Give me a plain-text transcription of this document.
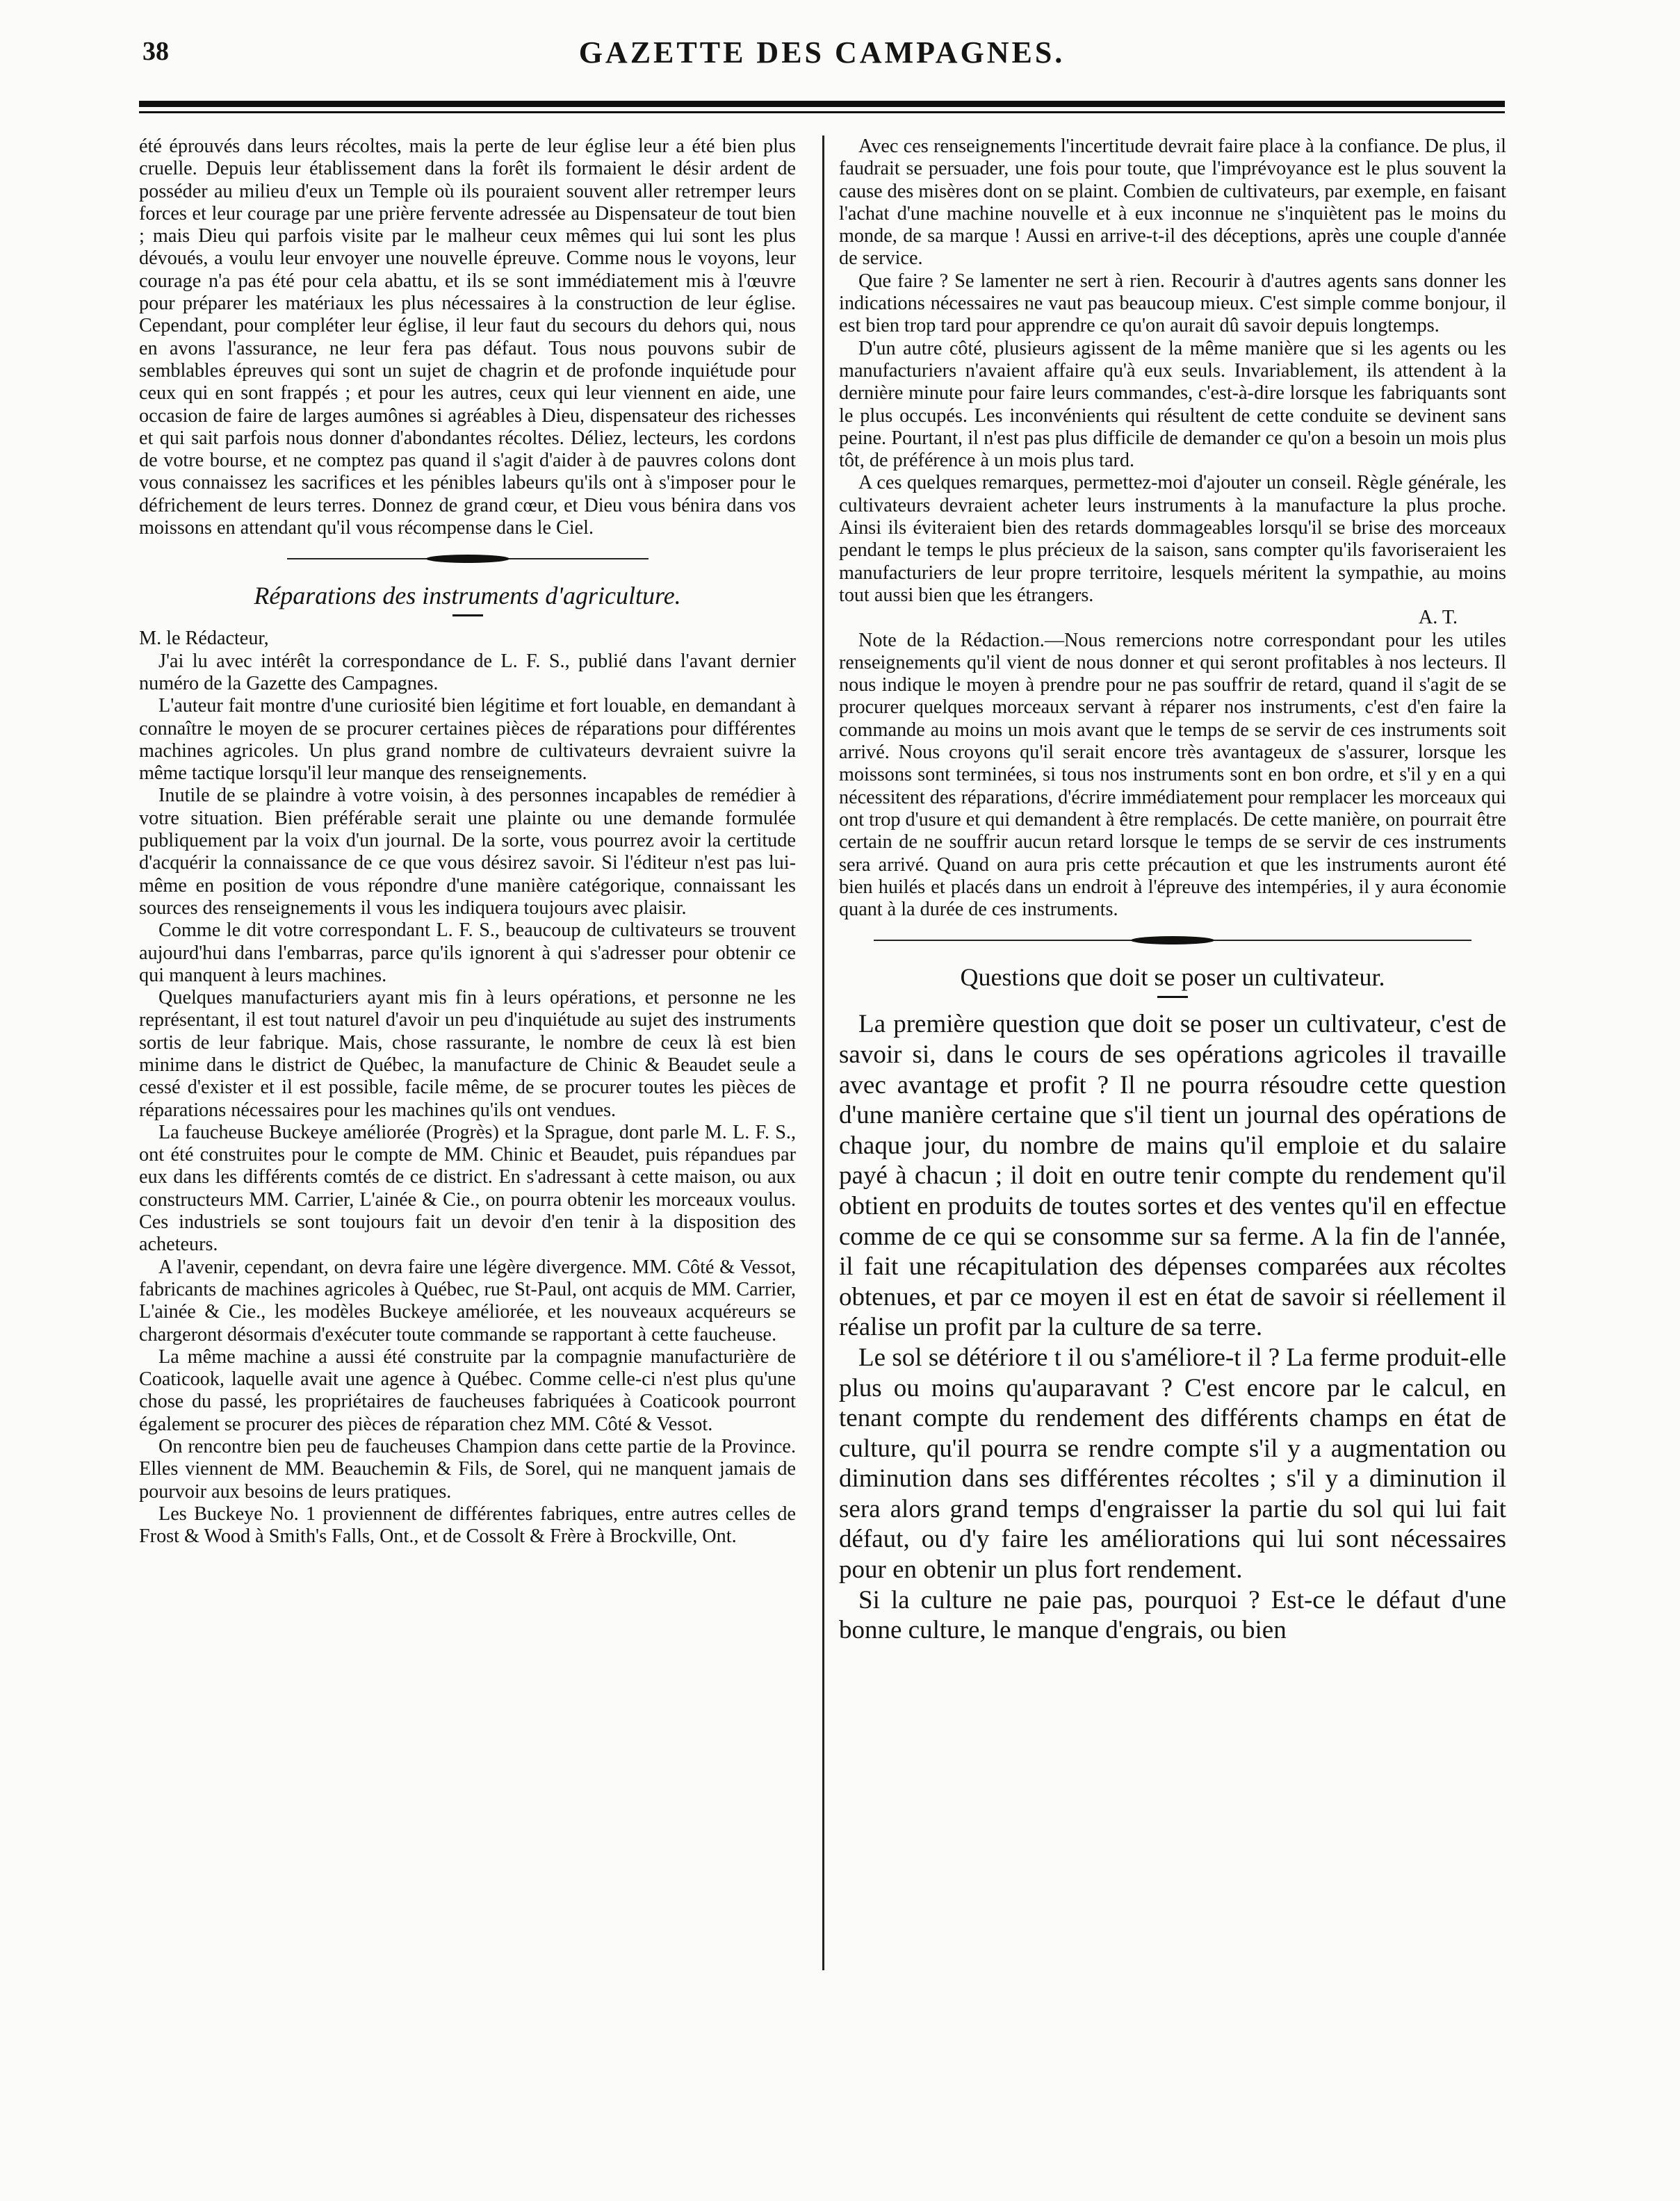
38	GAZETTE DES CAMPAGNES.

été éprouvés dans leurs récoltes, mais la perte de leur église leur a été bien plus cruelle. Depuis leur établissement dans la forêt ils formaient le désir ardent de posséder au milieu d'eux un Temple où ils pouraient souvent aller retremper leurs forces et leur courage par une prière fervente adressée au Dispensateur de tout bien ; mais Dieu qui parfois visite par le malheur ceux mêmes qui lui sont les plus dévoués, a voulu leur envoyer une nouvelle épreuve. Comme nous le voyons, leur courage n'a pas été pour cela abattu, et ils se sont immédiatement mis à l'œuvre pour préparer les matériaux les plus nécessaires à la construction de leur église. Cependant, pour compléter leur église, il leur faut du secours du dehors qui, nous en avons l'assurance, ne leur fera pas défaut. Tous nous pouvons subir de semblables épreuves qui sont un sujet de chagrin et de profonde inquiétude pour ceux qui en sont frappés ; et pour les autres, ceux qui leur viennent en aide, une occasion de faire de larges aumônes si agréables à Dieu, dispensateur des richesses et qui sait parfois nous donner d'abondantes récoltes. Déliez, lecteurs, les cordons de votre bourse, et ne comptez pas quand il s'agit d'aider à de pauvres colons dont vous connaissez les sacrifices et les pénibles labeurs qu'ils ont à s'imposer pour le défrichement de leurs terres. Donnez de grand cœur, et Dieu vous bénira dans vos moissons en attendant qu'il vous récompense dans le Ciel.

Réparations des instruments d'agriculture.

M. le Rédacteur,

J'ai lu avec intérêt la correspondance de L. F. S., publié dans l'avant dernier numéro de la Gazette des Campagnes.

L'auteur fait montre d'une curiosité bien légitime et fort louable, en demandant à connaître le moyen de se procurer certaines pièces de réparations pour différentes machines agricoles. Un plus grand nombre de cultivateurs devraient suivre la même tactique lorsqu'il leur manque des renseignements.

Inutile de se plaindre à votre voisin, à des personnes incapables de remédier à votre situation. Bien préférable serait une plainte ou une demande formulée publiquement par la voix d'un journal. De la sorte, vous pourrez avoir la certitude d'acquérir la connaissance de ce que vous désirez savoir. Si l'éditeur n'est pas lui-même en position de vous répondre d'une manière catégorique, connaissant les sources des renseignements il vous les indiquera toujours avec plaisir.

Comme le dit votre correspondant L. F. S., beaucoup de cultivateurs se trouvent aujourd'hui dans l'embarras, parce qu'ils ignorent à qui s'adresser pour obtenir ce qui manquent à leurs machines.

Quelques manufacturiers ayant mis fin à leurs opérations, et personne ne les représentant, il est tout naturel d'avoir un peu d'inquiétude au sujet des instruments sortis de leur fabrique. Mais, chose rassurante, le nombre de ceux là est bien minime dans le district de Québec, la manufacture de Chinic & Beaudet seule a cessé d'exister et il est possible, facile même, de se procurer toutes les pièces de réparations nécessaires pour les machines qu'ils ont vendues.

La faucheuse Buckeye améliorée (Progrès) et la Sprague, dont parle M. L. F. S., ont été construites pour le compte de MM. Chinic et Beaudet, puis répandues par eux dans les différents comtés de ce district. En s'adressant à cette maison, ou aux constructeurs MM. Carrier, L'ainée & Cie., on pourra obtenir les morceaux voulus. Ces industriels se sont toujours fait un devoir d'en tenir à la disposition des acheteurs.

A l'avenir, cependant, on devra faire une légère divergence. MM. Côté & Vessot, fabricants de machines agricoles à Québec, rue St-Paul, ont acquis de MM. Carrier, L'ainée & Cie., les modèles Buckeye améliorée, et les nouveaux acquéreurs se chargeront désormais d'exécuter toute commande se rapportant à cette faucheuse.

La même machine a aussi été construite par la compagnie manufacturière de Coaticook, laquelle avait une agence à Québec. Comme celle-ci n'est plus qu'une chose du passé, les propriétaires de faucheuses fabriquées à Coaticook pourront également se procurer des pièces de réparation chez MM. Côté & Vessot.

On rencontre bien peu de faucheuses Champion dans cette partie de la Province. Elles viennent de MM. Beauchemin & Fils, de Sorel, qui ne manquent jamais de pourvoir aux besoins de leurs pratiques.

Les Buckeye No. 1 proviennent de différentes fabriques, entre autres celles de Frost & Wood à Smith's Falls, Ont., et de Cossolt & Frère à Brockville, Ont.

Avec ces renseignements l'incertitude devrait faire place à la confiance. De plus, il faudrait se persuader, une fois pour toute, que l'imprévoyance est le plus souvent la cause des misères dont on se plaint. Combien de cultivateurs, par exemple, en faisant l'achat d'une machine nouvelle et à eux inconnue ne s'inquiètent pas le moins du monde, de sa marque ! Aussi en arrive-t-il des déceptions, après une couple d'année de service.

Que faire ? Se lamenter ne sert à rien. Recourir à d'autres agents sans donner les indications nécessaires ne vaut pas beaucoup mieux. C'est simple comme bonjour, il est bien trop tard pour apprendre ce qu'on aurait dû savoir depuis longtemps.

D'un autre côté, plusieurs agissent de la même manière que si les agents ou les manufacturiers n'avaient affaire qu'à eux seuls. Invariablement, ils attendent à la dernière minute pour faire leurs commandes, c'est-à-dire lorsque les fabriquants sont le plus occupés. Les inconvénients qui résultent de cette conduite se devinent sans peine. Pourtant, il n'est pas plus difficile de demander ce qu'on a besoin un mois plus tôt, de préférence à un mois plus tard.

A ces quelques remarques, permettez-moi d'ajouter un conseil. Règle générale, les cultivateurs devraient acheter leurs instruments à la manufacture la plus proche. Ainsi ils éviteraient bien des retards dommageables lorsqu'il se brise des morceaux pendant le temps le plus précieux de la saison, sans compter qu'ils favoriseraient les manufacturiers de leur propre territoire, lesquels méritent la sympathie, au moins tout aussi bien que les étrangers.

A. T.

Note de la Rédaction.—Nous remercions notre correspondant pour les utiles renseignements qu'il vient de nous donner et qui seront profitables à nos lecteurs. Il nous indique le moyen à prendre pour ne pas souffrir de retard, quand il s'agit de se procurer quelques morceaux servant à réparer nos instruments, c'est d'en faire la commande au moins un mois avant que le temps de se servir de ces instruments soit arrivé. Nous croyons qu'il serait encore très avantageux de s'assurer, lorsque les moissons sont terminées, si tous nos instruments sont en bon ordre, et s'il y en a qui nécessitent des réparations, d'écrire immédiatement pour remplacer les morceaux qui ont trop d'usure et qui demandent à être remplacés. De cette manière, on pourrait être certain de ne souffrir aucun retard lorsque le temps de se servir de ces instruments sera arrivé. Quand on aura pris cette précaution et que les instruments auront été bien huilés et placés dans un endroit à l'épreuve des intempéries, il y aura économie quant à la durée de ces instruments.

Questions que doit se poser un cultivateur.

La première question que doit se poser un cultivateur, c'est de savoir si, dans le cours de ses opérations agricoles il travaille avec avantage et profit ? Il ne pourra résoudre cette question d'une manière certaine que s'il tient un journal des opérations de chaque jour, du nombre de mains qu'il emploie et du salaire payé à chacun ; il doit en outre tenir compte du rendement qu'il obtient en produits de toutes sortes et des ventes qu'il en effectue comme de ce qui se consomme sur sa ferme. A la fin de l'année, il fait une récapitulation des dépenses comparées aux récoltes obtenues, et par ce moyen il est en état de savoir si réellement il réalise un profit par la culture de sa terre.

Le sol se détériore t il ou s'améliore-t il ? La ferme produit-elle plus ou moins qu'auparavant ? C'est encore par le calcul, en tenant compte du rendement des différents champs en état de culture, qu'il pourra se rendre compte s'il y a augmentation ou diminution dans ses différentes récoltes ; s'il y a diminution il sera alors grand temps d'engraisser la partie du sol qui lui fait défaut, ou d'y faire les améliorations qui lui sont nécessaires pour en obtenir un plus fort rendement.

Si la culture ne paie pas, pourquoi ? Est-ce le défaut d'une bonne culture, le manque d'engrais, ou bien
